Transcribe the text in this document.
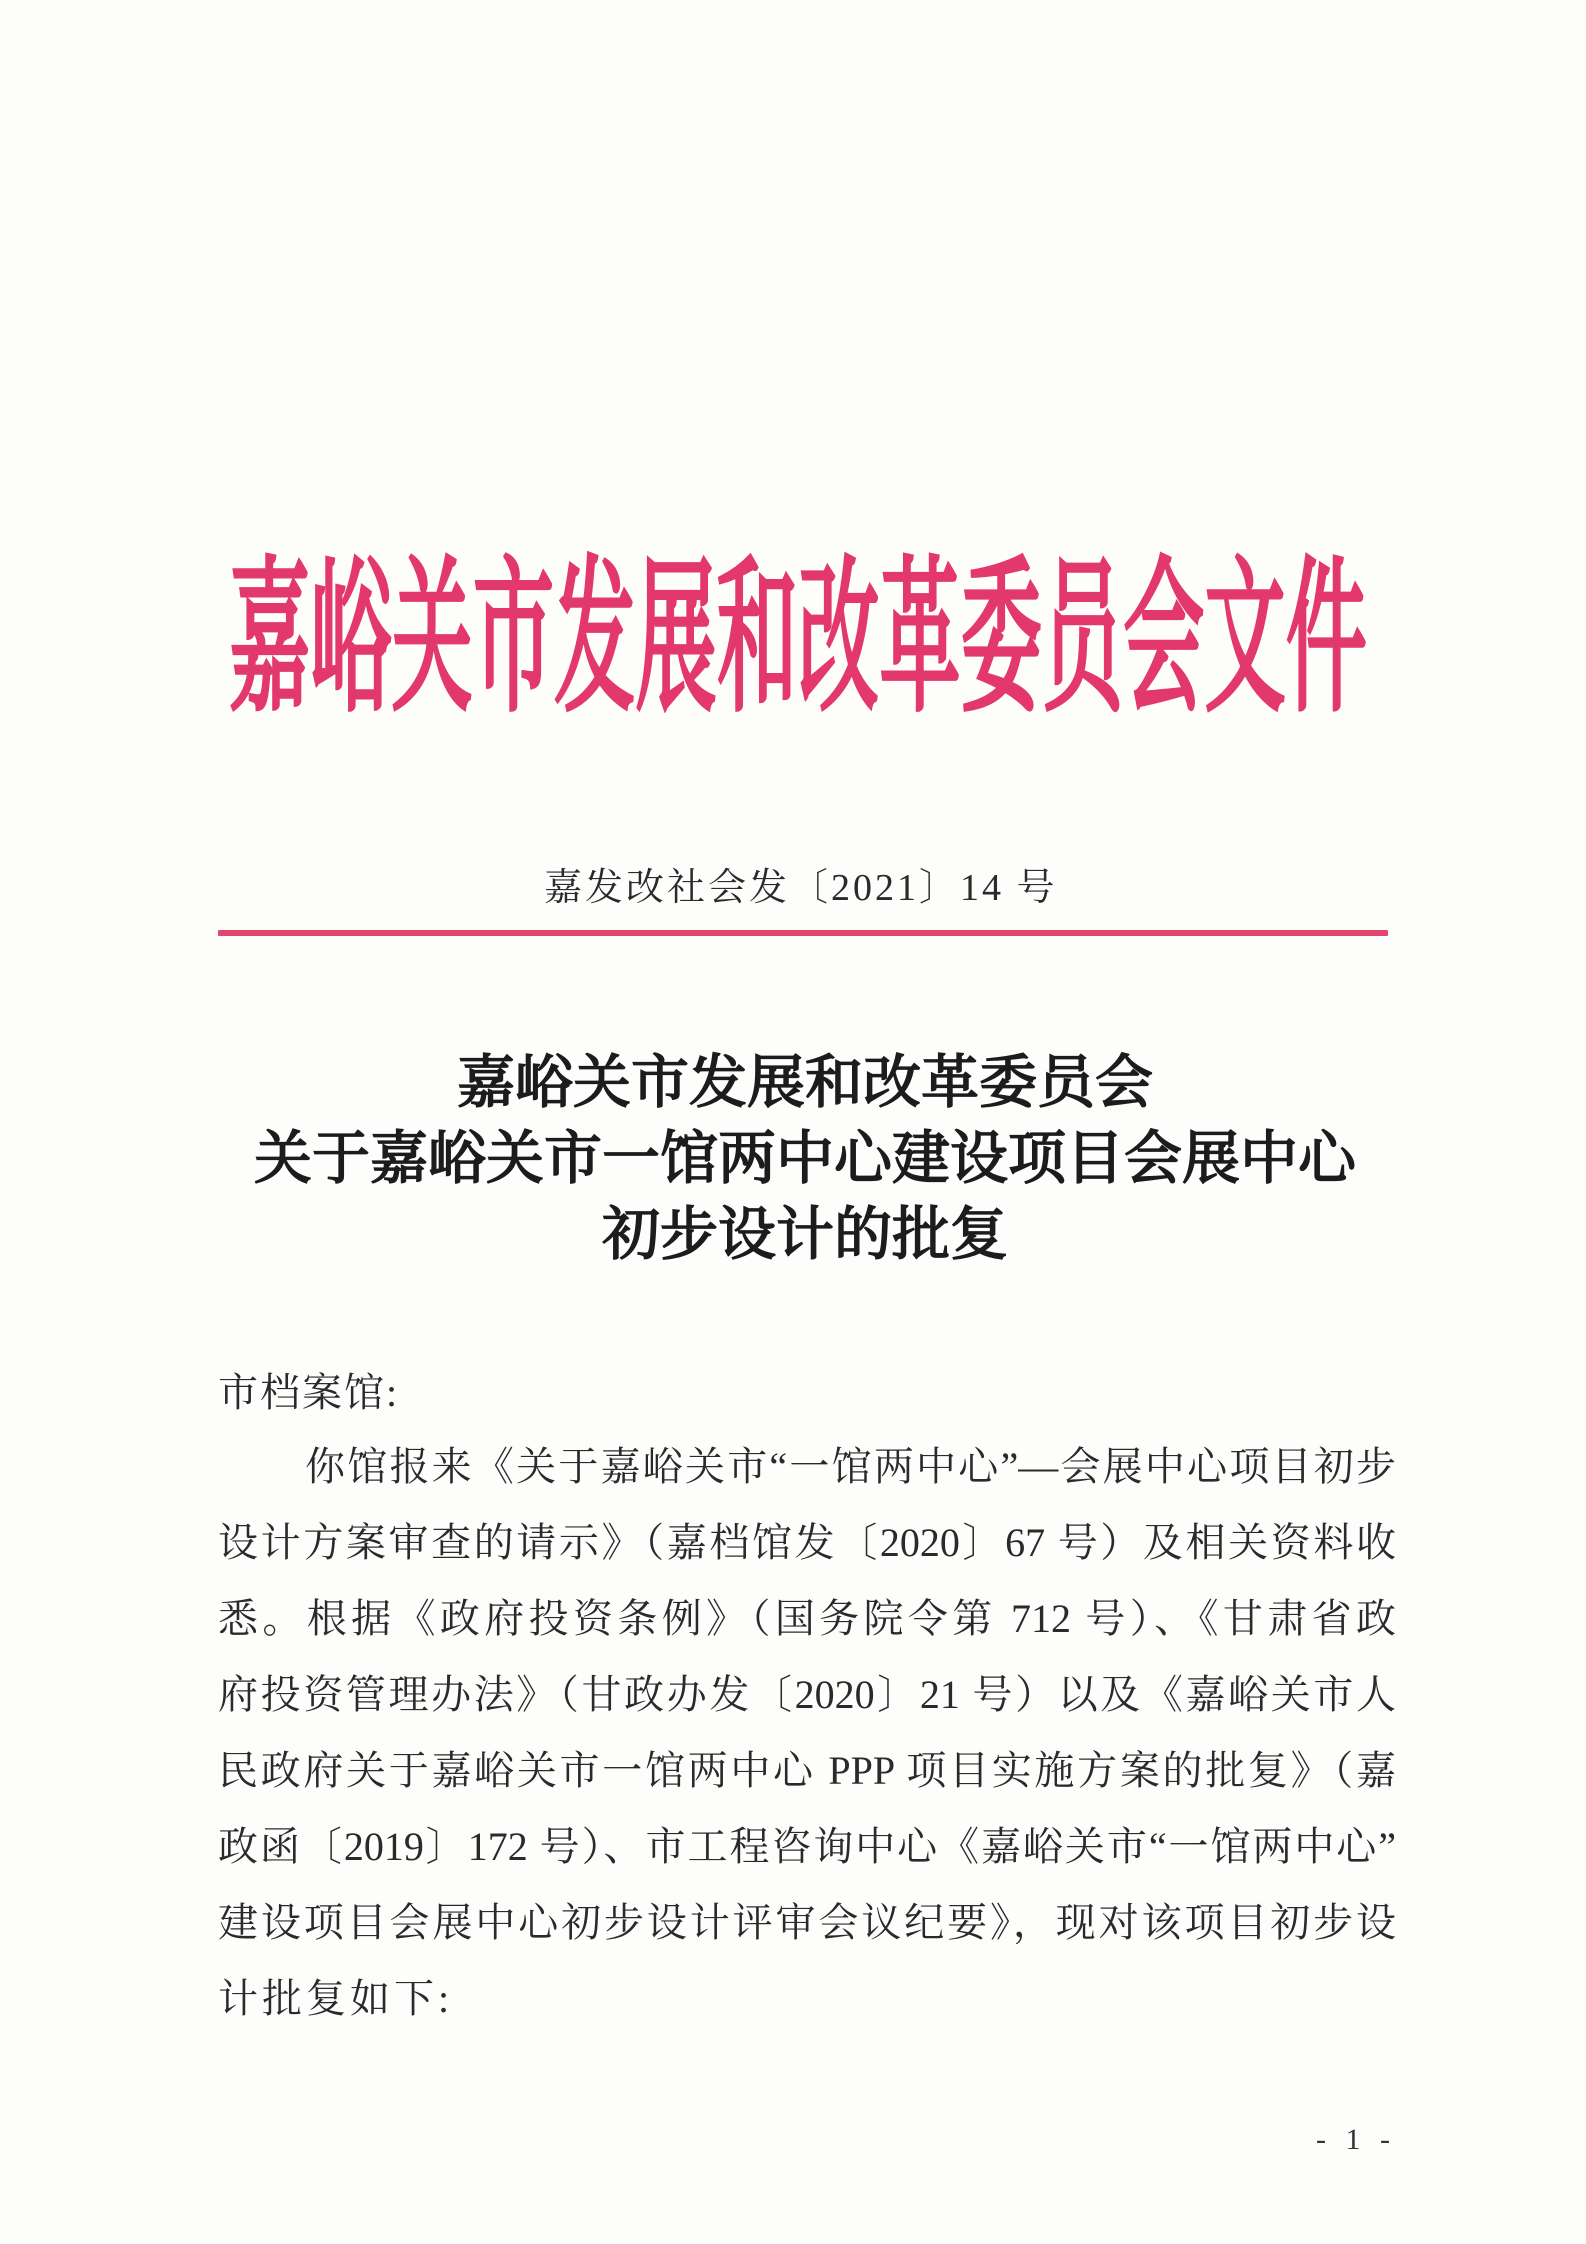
嘉峪关市发展和改革委员会文件
嘉发改社会发〔2021〕14 号
嘉峪关市发展和改革委员会
关于嘉峪关市一馆两中心建设项目会展中心
初步设计的批复
市档案馆:
你馆报来《关于嘉峪关市“一馆两中心”—会展中心项目初步
设计方案审查的请示》（嘉档馆发〔2020〕67 号）及相关资料收
悉。根据《政府投资条例》（国务院令第 712 号）、《甘肃省政
府投资管理办法》（甘政办发〔2020〕21 号）以及《嘉峪关市人
民政府关于嘉峪关市一馆两中心 PPP 项目实施方案的批复》（嘉
政函〔2019〕172 号）、市工程咨询中心《嘉峪关市“一馆两中心”
建设项目会展中心初步设计评审会议纪要》，现对该项目初步设
计批复如下:
- 1 -
